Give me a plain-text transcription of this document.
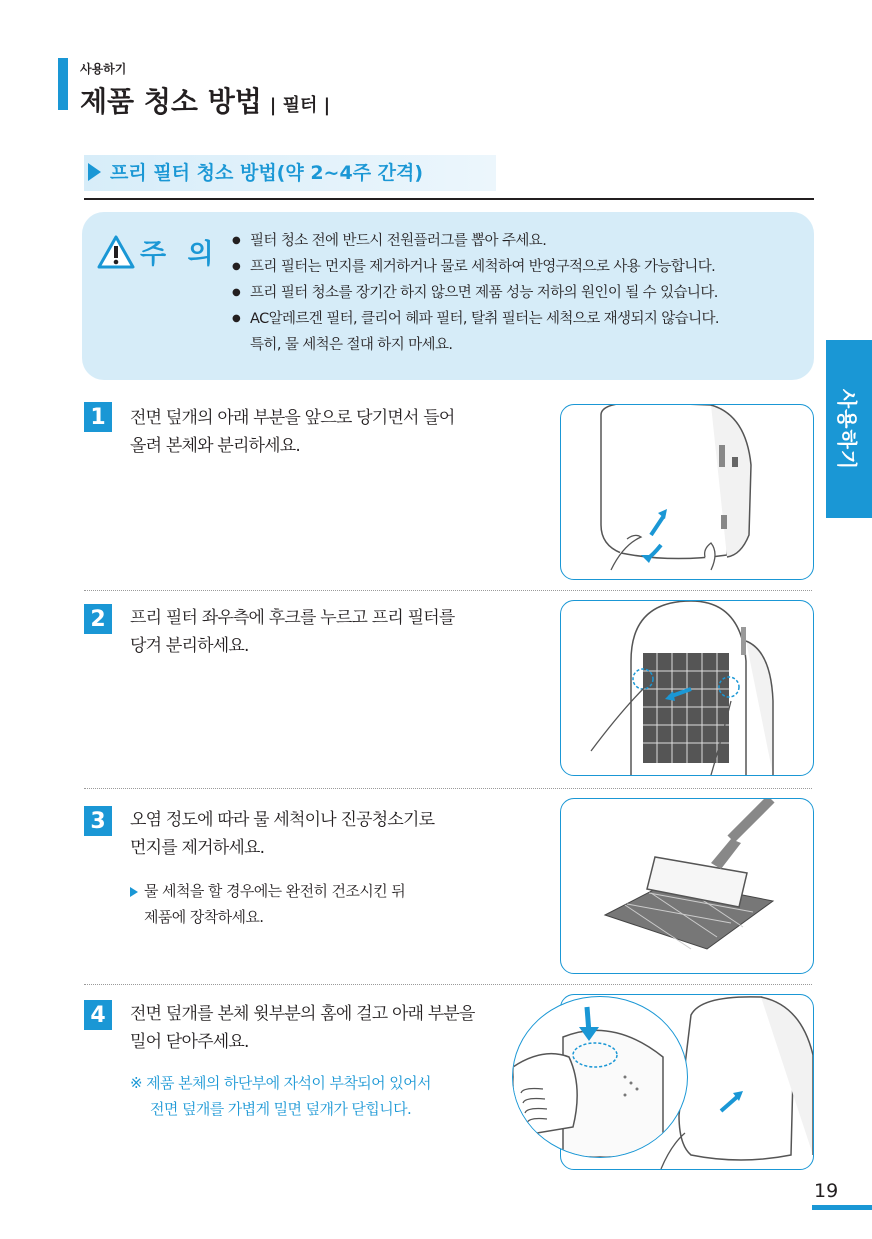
사용하기
제품 청소 방법 | 필터 |
프리 필터 청소 방법(약 2~4주 간격)
주 의
●	필터 청소 전에 반드시 전원플러그를 뽑아 주세요.
● 프리 필터는 먼지를 제거하거나 물로 세척하여 반영구적으로 사용 가능합니다.
● 프리 필터 청소를 장기간 하지 않으면 제품 성능 저하의 원인이 될 수 있습니다.
● AC알레르겐 필터, 클리어 헤파 필터, 탈취 필터는 세척으로 재생되지 않습니다.
특히, 물 세척은 절대 하지 마세요.
사용하기
1	전면 덮개의 아래 부분을 앞으로 당기면서 들어
올려 본체와 분리하세요.
2	프리 필터 좌우측에 후크를 누르고 프리 필터를
당겨 분리하세요.
3	오염 정도에 따라 물 세척이나 진공청소기로
먼지를 제거하세요.
물 세척을 할 경우에는 완전히 건조시킨 뒤
제품에 장착하세요.
4	전면 덮개를 본체 윗부분의 홈에 걸고 아래 부분을
밀어 닫아주세요.
※ 제품 본체의 하단부에 자석이 부착되어 있어서
전면 덮개를 가볍게 밀면 덮개가 닫힙니다.
19
